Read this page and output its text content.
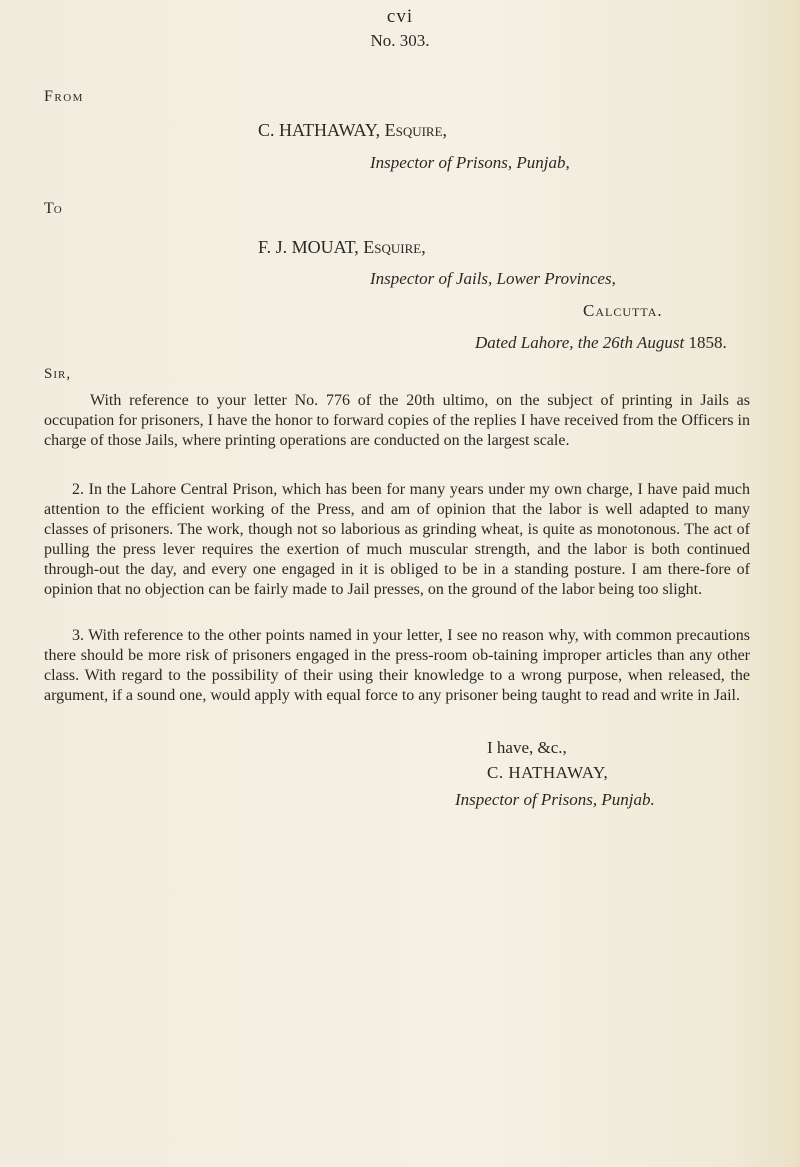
cvi
No. 303.
From
C. HATHAWAY, Esquire,
Inspector of Prisons, Punjab,
To
F. J. MOUAT, Esquire,
Inspector of Jails, Lower Provinces,
Calcutta.
Dated Lahore, the 26th August 1858.
Sir,

With reference to your letter No. 776 of the 20th ultimo, on the subject of printing in Jails as occupation for prisoners, I have the honor to forward copies of the replies I have received from the Officers in charge of those Jails, where printing operations are conducted on the largest scale.

2. In the Lahore Central Prison, which has been for many years under my own charge, I have paid much attention to the efficient working of the Press, and am of opinion that the labor is well adapted to many classes of prisoners. The work, though not so laborious as grinding wheat, is quite as monotonous. The act of pulling the press lever requires the exertion of much muscular strength, and the labor is both continued through-out the day, and every one engaged in it is obliged to be in a standing posture. I am there-fore of opinion that no objection can be fairly made to Jail presses, on the ground of the labor being too slight.

3. With reference to the other points named in your letter, I see no reason why, with common precautions there should be more risk of prisoners engaged in the press-room ob-taining improper articles than any other class. With regard to the possibility of their using their knowledge to a wrong purpose, when released, the argument, if a sound one, would apply with equal force to any prisoner being taught to read and write in Jail.

I have, &c.,
C. HATHAWAY,
Inspector of Prisons, Punjab.
